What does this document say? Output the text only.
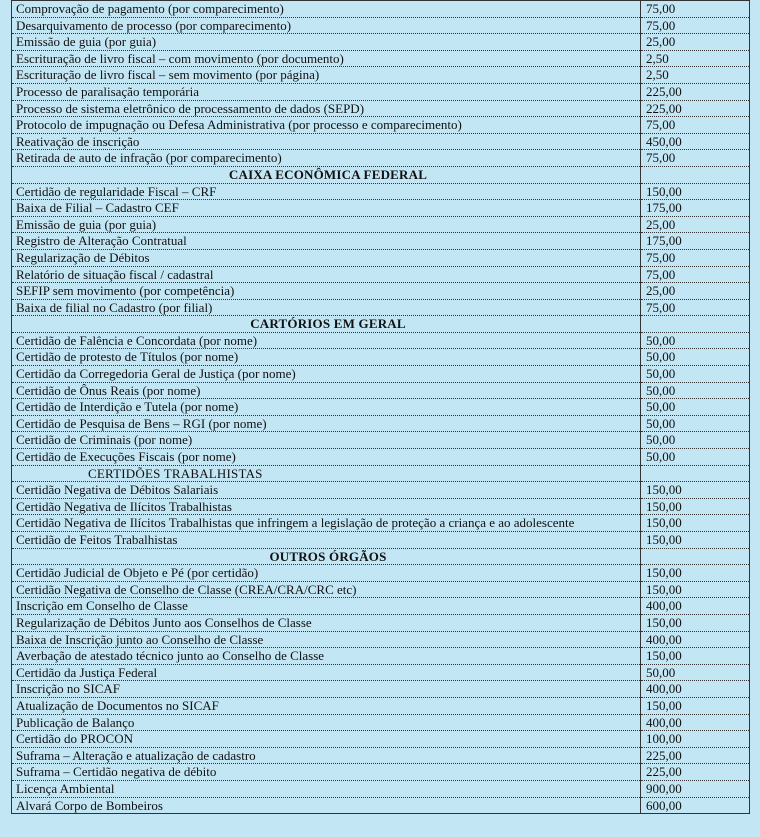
Comprovação de pagamento (por comparecimento)	75,00
Desarquivamento de processo (por comparecimento)	75,00
Emissão de guia (por guia)	25,00
Escrituração de livro fiscal – com movimento (por documento)	2,50
Escrituração de livro fiscal – sem movimento (por página)	2,50
Processo de paralisação temporária	225,00
Processo de sistema eletrônico de processamento de dados (SEPD)	225,00
Protocolo de impugnação ou Defesa Administrativa (por processo e comparecimento)	75,00
Reativação de inscrição	450,00
Retirada de auto de infração (por comparecimento)	75,00
CAIXA ECONÔMICA FEDERAL	
Certidão de regularidade Fiscal – CRF	150,00
Baixa de Filial – Cadastro CEF	175,00
Emissão de guia (por guia)	25,00
Registro de Alteração Contratual	175,00
Regularização de Débitos	75,00
Relatório de situação fiscal / cadastral	75,00
SEFIP sem movimento (por competência)	25,00
Baixa de filial no Cadastro (por filial)	75,00
CARTÓRIOS EM GERAL	
Certidão de Falência e Concordata (por nome)	50,00
Certidão de protesto de Títulos (por nome)	50,00
Certidão da Corregedoria Geral de Justiça (por nome)	50,00
Certidão de Ônus Reais (por nome)	50,00
Certidão de Interdição e Tutela (por nome)	50,00
Certidão de Pesquisa de Bens – RGI (por nome)	50,00
Certidão de Criminais (por nome)	50,00
Certidão de Execuções Fiscais (por nome)	50,00
CERTIDÕES TRABALHISTAS	
Certidão Negativa de Débitos Salariais	150,00
Certidão Negativa de Ilícitos Trabalhistas	150,00
Certidão Negativa de Ilícitos Trabalhistas que infringem a legislação de proteção a criança e ao adolescente	150,00
Certidão de Feitos Trabalhistas	150,00
OUTROS ÓRGÃOS	
Certidão Judicial de Objeto e Pé (por certidão)	150,00
Certidão Negativa de Conselho de Classe (CREA/CRA/CRC etc)	150,00
Inscrição em Conselho de Classe	400,00
Regularização de Débitos Junto aos Conselhos de Classe	150,00
Baixa de Inscrição junto ao Conselho de Classe	400,00
Averbação de atestado técnico junto ao Conselho de Classe	150,00
Certidão da Justiça Federal	50,00
Inscrição no SICAF	400,00
Atualização de Documentos no SICAF	150,00
Publicação de Balanço	400,00
Certidão do PROCON	100,00
Suframa – Alteração e atualização de cadastro	225,00
Suframa – Certidão negativa de débito	225,00
Licença Ambiental	900,00
Alvará Corpo de Bombeiros	600,00
